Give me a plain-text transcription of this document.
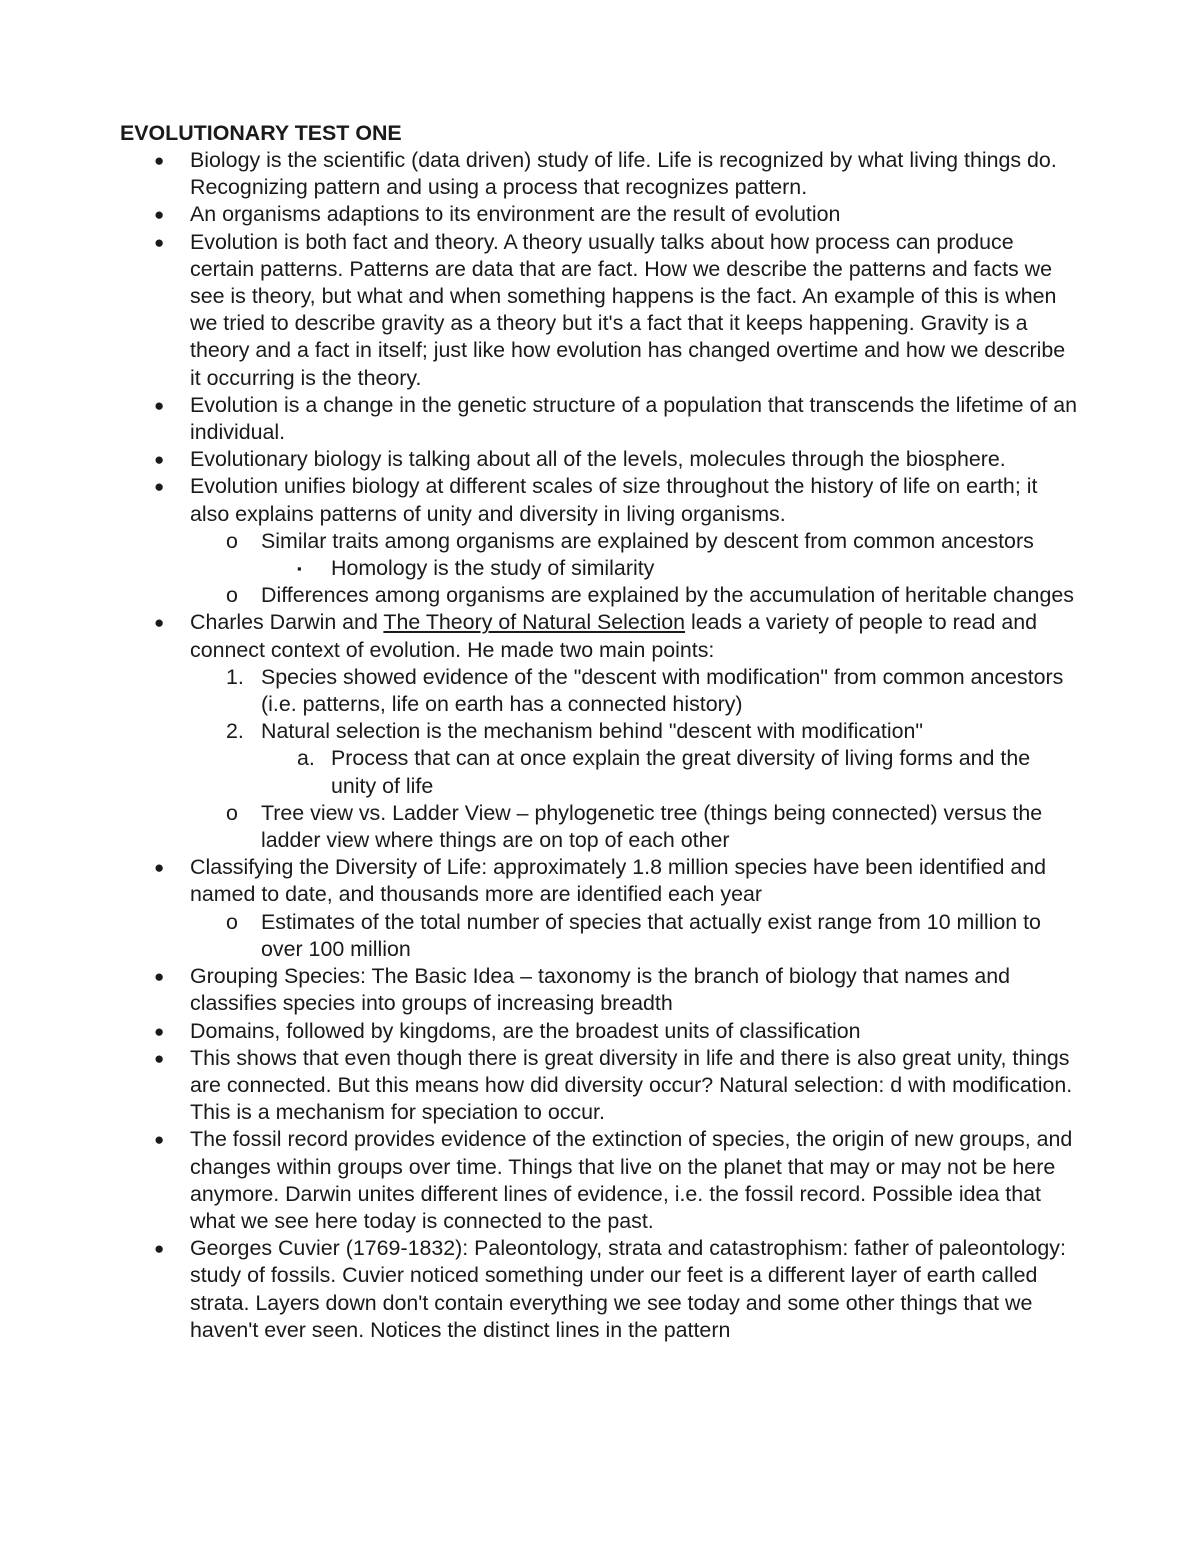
EVOLUTIONARY TEST ONE
● Biology is the scientific (data driven) study of life. Life is recognized by what living things do. Recognizing pattern and using a process that recognizes pattern.
● An organisms adaptions to its environment are the result of evolution
● Evolution is both fact and theory. A theory usually talks about how process can produce certain patterns. Patterns are data that are fact. How we describe the patterns and facts we see is theory, but what and when something happens is the fact. An example of this is when we tried to describe gravity as a theory but it's a fact that it keeps happening. Gravity is a theory and a fact in itself; just like how evolution has changed overtime and how we describe it occurring is the theory.
● Evolution is a change in the genetic structure of a population that transcends the lifetime of an individual.
● Evolutionary biology is talking about all of the levels, molecules through the biosphere.
● Evolution unifies biology at different scales of size throughout the history of life on earth; it also explains patterns of unity and diversity in living organisms.
o Similar traits among organisms are explained by descent from common ancestors
▪ Homology is the study of similarity
o Differences among organisms are explained by the accumulation of heritable changes
● Charles Darwin and The Theory of Natural Selection leads a variety of people to read and connect context of evolution. He made two main points:
1. Species showed evidence of the "descent with modification" from common ancestors (i.e. patterns, life on earth has a connected history)
2. Natural selection is the mechanism behind "descent with modification"
a. Process that can at once explain the great diversity of living forms and the unity of life
o Tree view vs. Ladder View – phylogenetic tree (things being connected) versus the ladder view where things are on top of each other
● Classifying the Diversity of Life: approximately 1.8 million species have been identified and named to date, and thousands more are identified each year
o Estimates of the total number of species that actually exist range from 10 million to over 100 million
● Grouping Species: The Basic Idea – taxonomy is the branch of biology that names and classifies species into groups of increasing breadth
● Domains, followed by kingdoms, are the broadest units of classification
● This shows that even though there is great diversity in life and there is also great unity, things are connected. But this means how did diversity occur? Natural selection: d with modification. This is a mechanism for speciation to occur.
● The fossil record provides evidence of the extinction of species, the origin of new groups, and changes within groups over time. Things that live on the planet that may or may not be here anymore. Darwin unites different lines of evidence, i.e. the fossil record. Possible idea that what we see here today is connected to the past.
● Georges Cuvier (1769-1832): Paleontology, strata and catastrophism: father of paleontology: study of fossils. Cuvier noticed something under our feet is a different layer of earth called strata. Layers down don't contain everything we see today and some other things that we haven't ever seen. Notices the distinct lines in the pattern
